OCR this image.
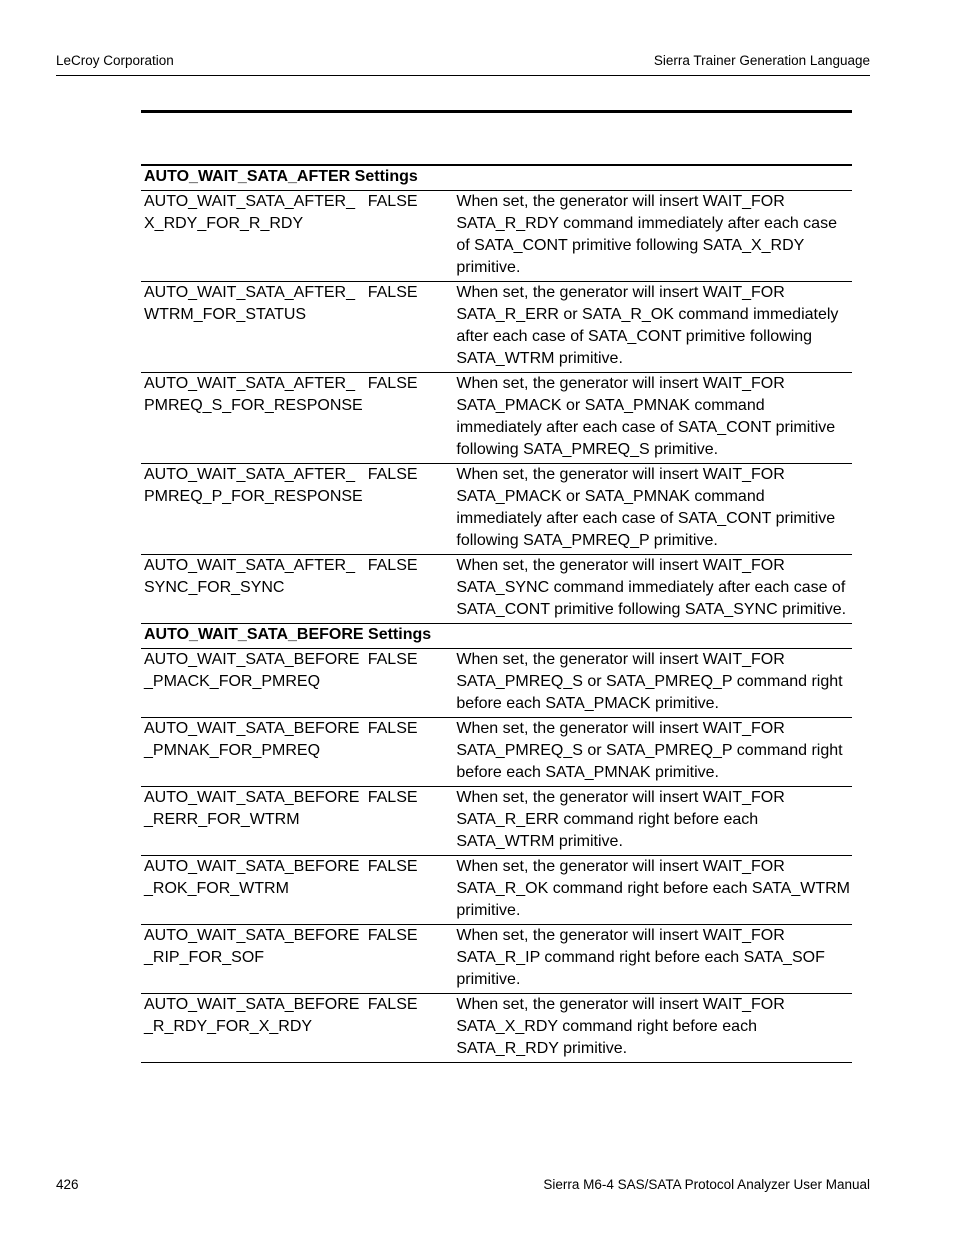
LeCroy Corporation	Sierra Trainer Generation Language
AUTO_WAIT_SATA_AFTER Settings		

AUTO_WAIT_SATA_AFTER_
X_RDY_FOR_R_RDY	FALSE	When set, the generator will insert WAIT_FOR
SATA_R_RDY command immediately after each case
of SATA_CONT primitive following SATA_X_RDY
primitive.

AUTO_WAIT_SATA_AFTER_
WTRM_FOR_STATUS	FALSE	When set, the generator will insert WAIT_FOR
SATA_R_ERR or SATA_R_OK command immediately
after each case of SATA_CONT primitive following
SATA_WTRM primitive.

AUTO_WAIT_SATA_AFTER_
PMREQ_S_FOR_RESPONSE	FALSE	When set, the generator will insert WAIT_FOR
SATA_PMACK or SATA_PMNAK command
immediately after each case of SATA_CONT primitive
following SATA_PMREQ_S primitive.

AUTO_WAIT_SATA_AFTER_
PMREQ_P_FOR_RESPONSE	FALSE	When set, the generator will insert WAIT_FOR
SATA_PMACK or SATA_PMNAK command
immediately after each case of SATA_CONT primitive
following SATA_PMREQ_P primitive.

AUTO_WAIT_SATA_AFTER_
SYNC_FOR_SYNC	FALSE	When set, the generator will insert WAIT_FOR
SATA_SYNC command immediately after each case of
SATA_CONT primitive following SATA_SYNC primitive.

AUTO_WAIT_SATA_BEFORE Settings		

AUTO_WAIT_SATA_BEFORE
_PMACK_FOR_PMREQ	FALSE	When set, the generator will insert WAIT_FOR
SATA_PMREQ_S or SATA_PMREQ_P command right
before each SATA_PMACK primitive.

AUTO_WAIT_SATA_BEFORE
_PMNAK_FOR_PMREQ	FALSE	When set, the generator will insert WAIT_FOR
SATA_PMREQ_S or SATA_PMREQ_P command right
before each SATA_PMNAK primitive.

AUTO_WAIT_SATA_BEFORE
_RERR_FOR_WTRM	FALSE	When set, the generator will insert WAIT_FOR
SATA_R_ERR command right before each
SATA_WTRM primitive.

AUTO_WAIT_SATA_BEFORE
_ROK_FOR_WTRM	FALSE	When set, the generator will insert WAIT_FOR
SATA_R_OK command right before each SATA_WTRM
primitive.

AUTO_WAIT_SATA_BEFORE
_RIP_FOR_SOF	FALSE	When set, the generator will insert WAIT_FOR
SATA_R_IP command right before each SATA_SOF
primitive.

AUTO_WAIT_SATA_BEFORE
_R_RDY_FOR_X_RDY	FALSE	When set, the generator will insert WAIT_FOR
SATA_X_RDY command right before each
SATA_R_RDY primitive.
426	Sierra M6-4 SAS/SATA Protocol Analyzer User Manual
